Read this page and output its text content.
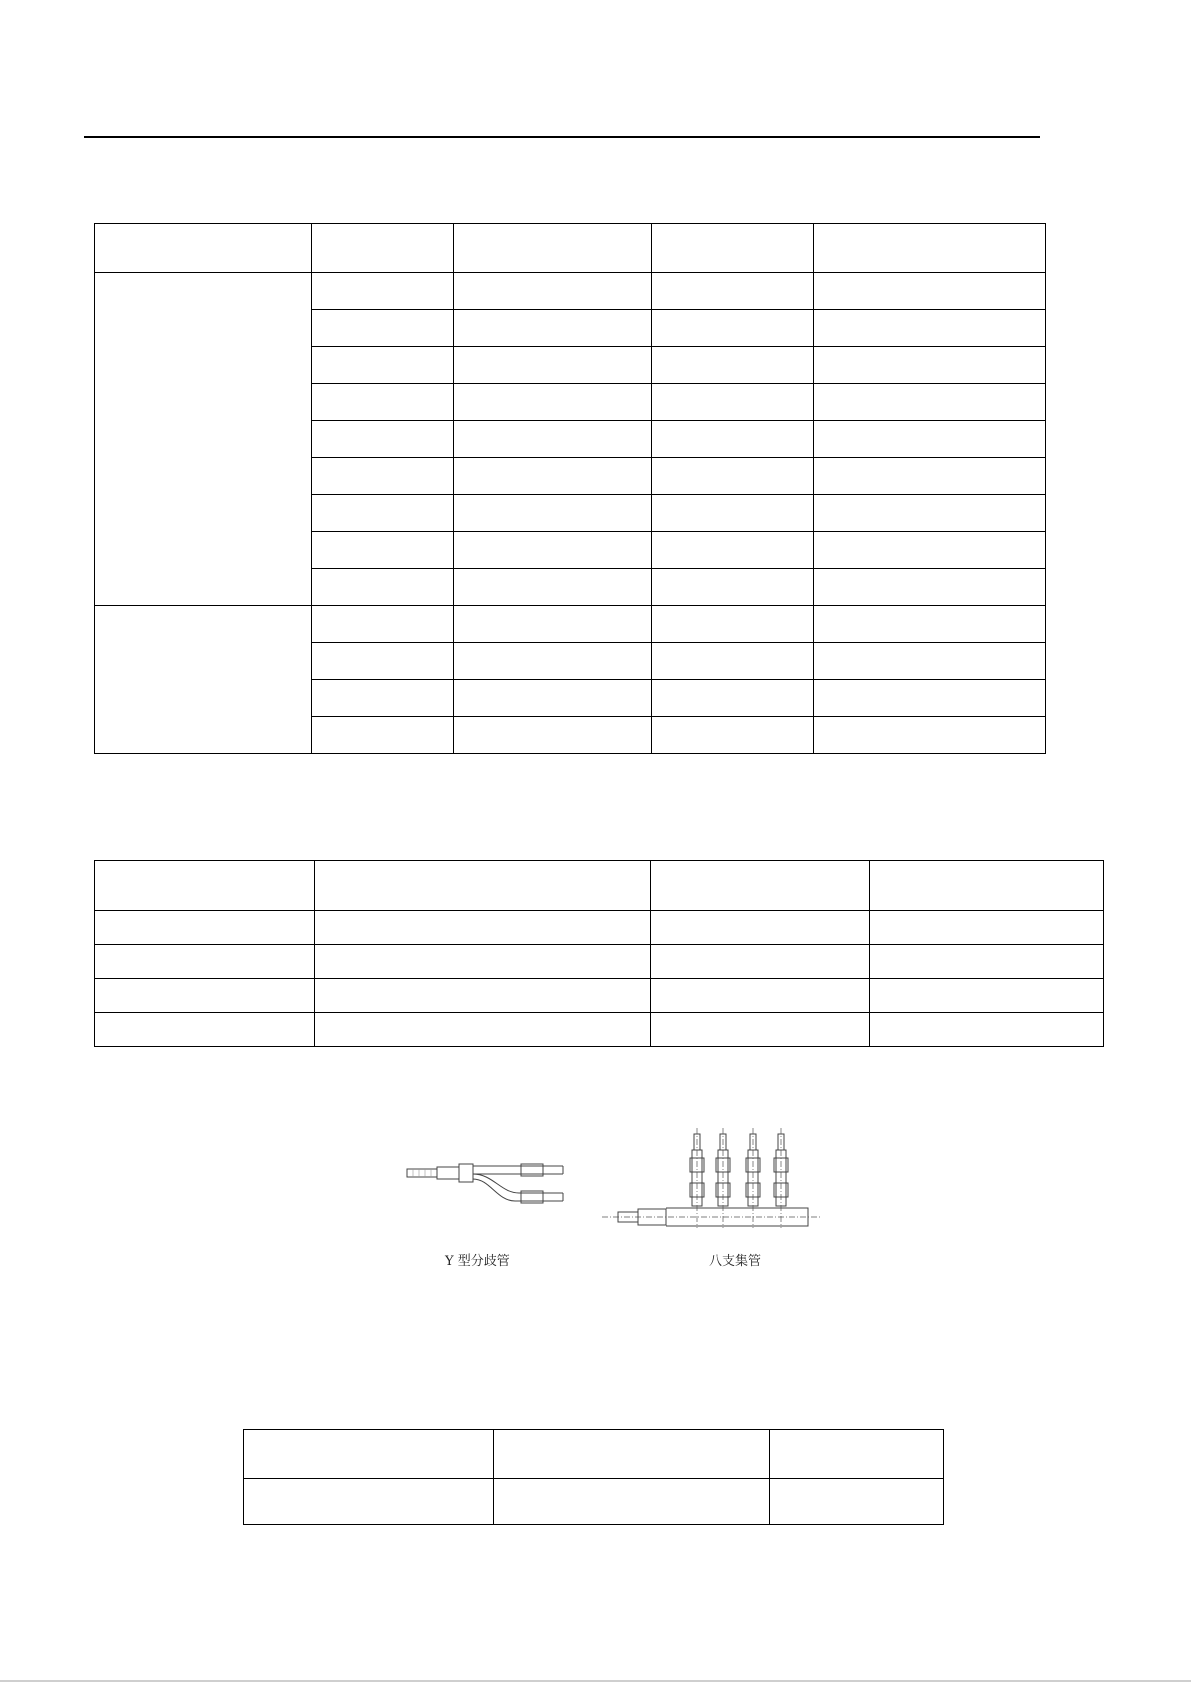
Y 型分歧管	八支集管
